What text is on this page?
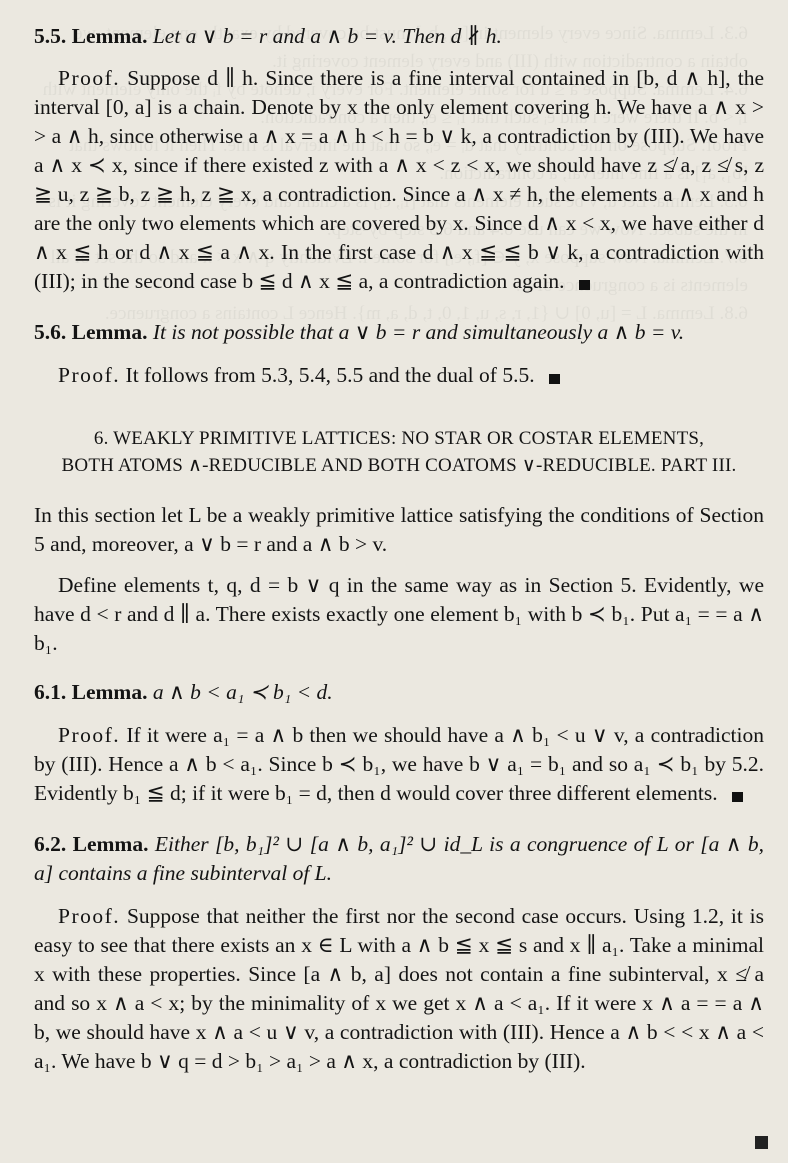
5.5. Lemma. Let a ∨ b = r and a ∧ b = v. Then d ∦ h.

Proof. Suppose d ∥ h. Since there is a fine interval contained in [b, d ∧ h], the interval [0, a] is a chain. Denote by x the only element covering h. We have a ∧ x > > a ∧ h, since otherwise a ∧ x = a ∧ h < h = b ∨ k, a contradiction by (III). We have a ∧ x ≺ x, since if there existed z with a ∧ x < z < x, we should have z ≰ a, z ≰ s, z ≧ u, z ≧ b, z ≧ h, z ≧ x, a contradiction. Since a ∧ x ≠ h, the elements a ∧ x and h are the only two elements which are covered by x. Since d ∧ x < x, we have either d ∧ x ≦ h or d ∧ x ≦ a ∧ x. In the first case d ∧ x ≦ ≦ b ∨ k, a contradiction with (III); in the second case b ≦ d ∧ x ≦ a, a contradiction again.

5.6. Lemma. It is not possible that a ∨ b = r and simultaneously a ∧ b = v.

Proof. It follows from 5.3, 5.4, 5.5 and the dual of 5.5.

6. WEAKLY PRIMITIVE LATTICES: NO STAR OR COSTAR ELEMENTS,
BOTH ATOMS ∧-REDUCIBLE AND BOTH COATOMS ∨-REDUCIBLE. PART III.

In this section let L be a weakly primitive lattice satisfying the conditions of Section 5 and, moreover, a ∨ b = r and a ∧ b > v.

Define elements t, q, d = b ∨ q in the same way as in Section 5. Evidently, we have d < r and d ∥ a. There exists exactly one element b₁ with b ≺ b₁. Put a₁ = = a ∧ b₁.

6.1. Lemma. a ∧ b < a₁ ≺ b₁ < d.

Proof. If it were a₁ = a ∧ b then we should have a ∧ b₁ < u ∨ v, a contradiction by (III). Hence a ∧ b < a₁. Since b ≺ b₁, we have b ∨ a₁ = b₁ and so a₁ ≺ b₁ by 5.2. Evidently b₁ ≦ d; if it were b₁ = d, then d would cover three different elements.

6.2. Lemma. Either [b, b₁]² ∪ [a ∧ b, a₁]² ∪ id_L is a congruence of L or [a ∧ b, a] contains a fine subinterval of L.

Proof. Suppose that neither the first nor the second case occurs. Using 1.2, it is easy to see that there exists an x ∈ L with a ∧ b ≦ x ≦ s and x ∥ a₁. Take a minimal x with these properties. Since [a ∧ b, a] does not contain a fine subinterval, x ≰ a and so x ∧ a < x; by the minimality of x we get x ∧ a < a₁. If it were x ∧ a = = a ∧ b, we should have x ∧ a < u ∨ v, a contradiction with (III). Hence a ∧ b < < x ∧ a < a₁. We have b ∨ q = d > b₁ > a₁ > a ∧ x, a contradiction by (III).
